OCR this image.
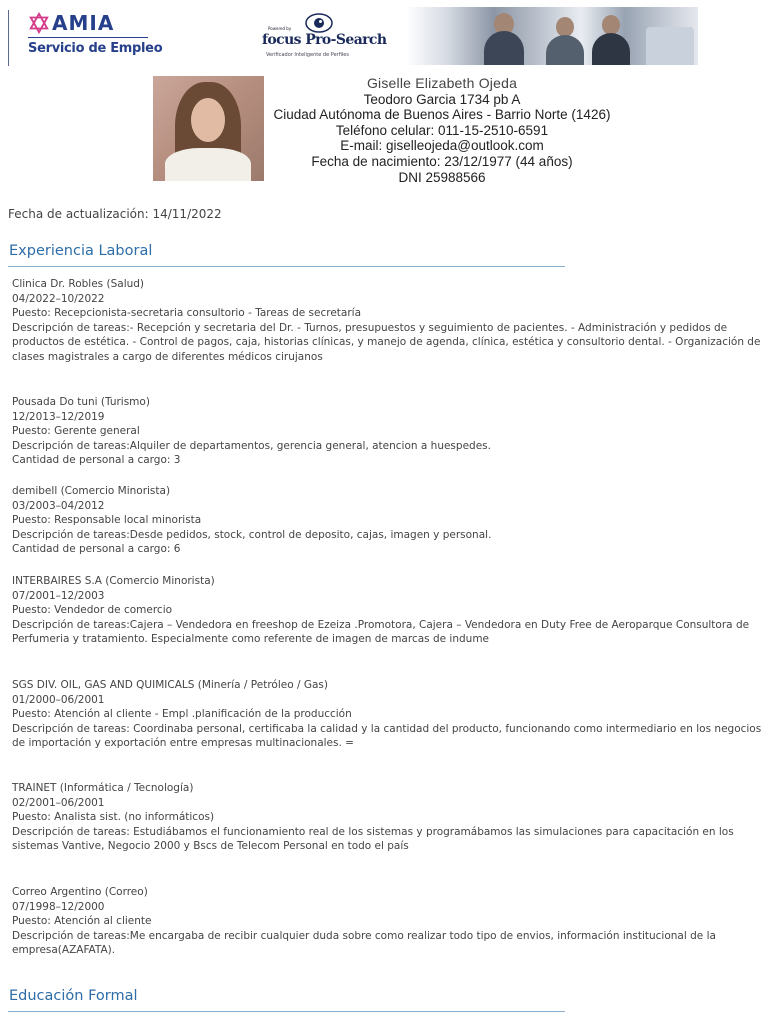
AMIA
Servicio de Empleo
Powered by
focus Pro-Search
Verificador Inteligente de Perfiles
Giselle Elizabeth Ojeda
Teodoro Garcia 1734 pb A
Ciudad Autónoma de Buenos Aires - Barrio Norte (1426)
Teléfono celular: 011-15-2510-6591
E-mail: giselleojeda@outlook.com
Fecha de nacimiento: 23/12/1977 (44 años)
DNI 25988566
Fecha de actualización: 14/11/2022
Experiencia Laboral
Clinica Dr. Robles (Salud)
04/2022–10/2022
Puesto: Recepcionista-secretaria consultorio - Tareas de secretaría
Descripción de tareas:- Recepción y secretaria del Dr. - Turnos, presupuestos y seguimiento de pacientes. - Administración y pedidos de productos de estética. - Control de pagos, caja, historias clínicas, y manejo de agenda, clínica, estética y consultorio dental. - Organización de clases magistrales a cargo de diferentes médicos cirujanos
Pousada Do tuni (Turismo)
12/2013–12/2019
Puesto: Gerente general
Descripción de tareas:Alquiler de departamentos, gerencia general, atencion a huespedes.
Cantidad de personal a cargo: 3
demibell (Comercio Minorista)
03/2003–04/2012
Puesto: Responsable local minorista
Descripción de tareas:Desde pedidos, stock, control de deposito, cajas, imagen y personal.
Cantidad de personal a cargo: 6
INTERBAIRES S.A (Comercio Minorista)
07/2001–12/2003
Puesto: Vendedor de comercio
Descripción de tareas:Cajera – Vendedora en freeshop de Ezeiza .Promotora, Cajera – Vendedora en Duty Free de Aeroparque Consultora de Perfumeria y tratamiento. Especialmente como referente de imagen de marcas de indume
SGS DIV. OIL, GAS AND QUIMICALS (Minería / Petróleo / Gas)
01/2000–06/2001
Puesto: Atención al cliente - Empl .planificación de la producción
Descripción de tareas: Coordinaba personal, certificaba la calidad y la cantidad del producto, funcionando como intermediario en los negocios de importación y exportación entre empresas multinacionales. =
TRAINET (Informática / Tecnología)
02/2001–06/2001
Puesto: Analista sist. (no informáticos)
Descripción de tareas: Estudiábamos el funcionamiento real de los sistemas y programábamos las simulaciones para capacitación en los sistemas Vantive, Negocio 2000 y Bscs de Telecom Personal en todo el país
Correo Argentino (Correo)
07/1998–12/2000
Puesto: Atención al cliente
Descripción de tareas:Me encargaba de recibir cualquier duda sobre como realizar todo tipo de envios, información institucional de la empresa(AZAFATA).
Educación Formal
